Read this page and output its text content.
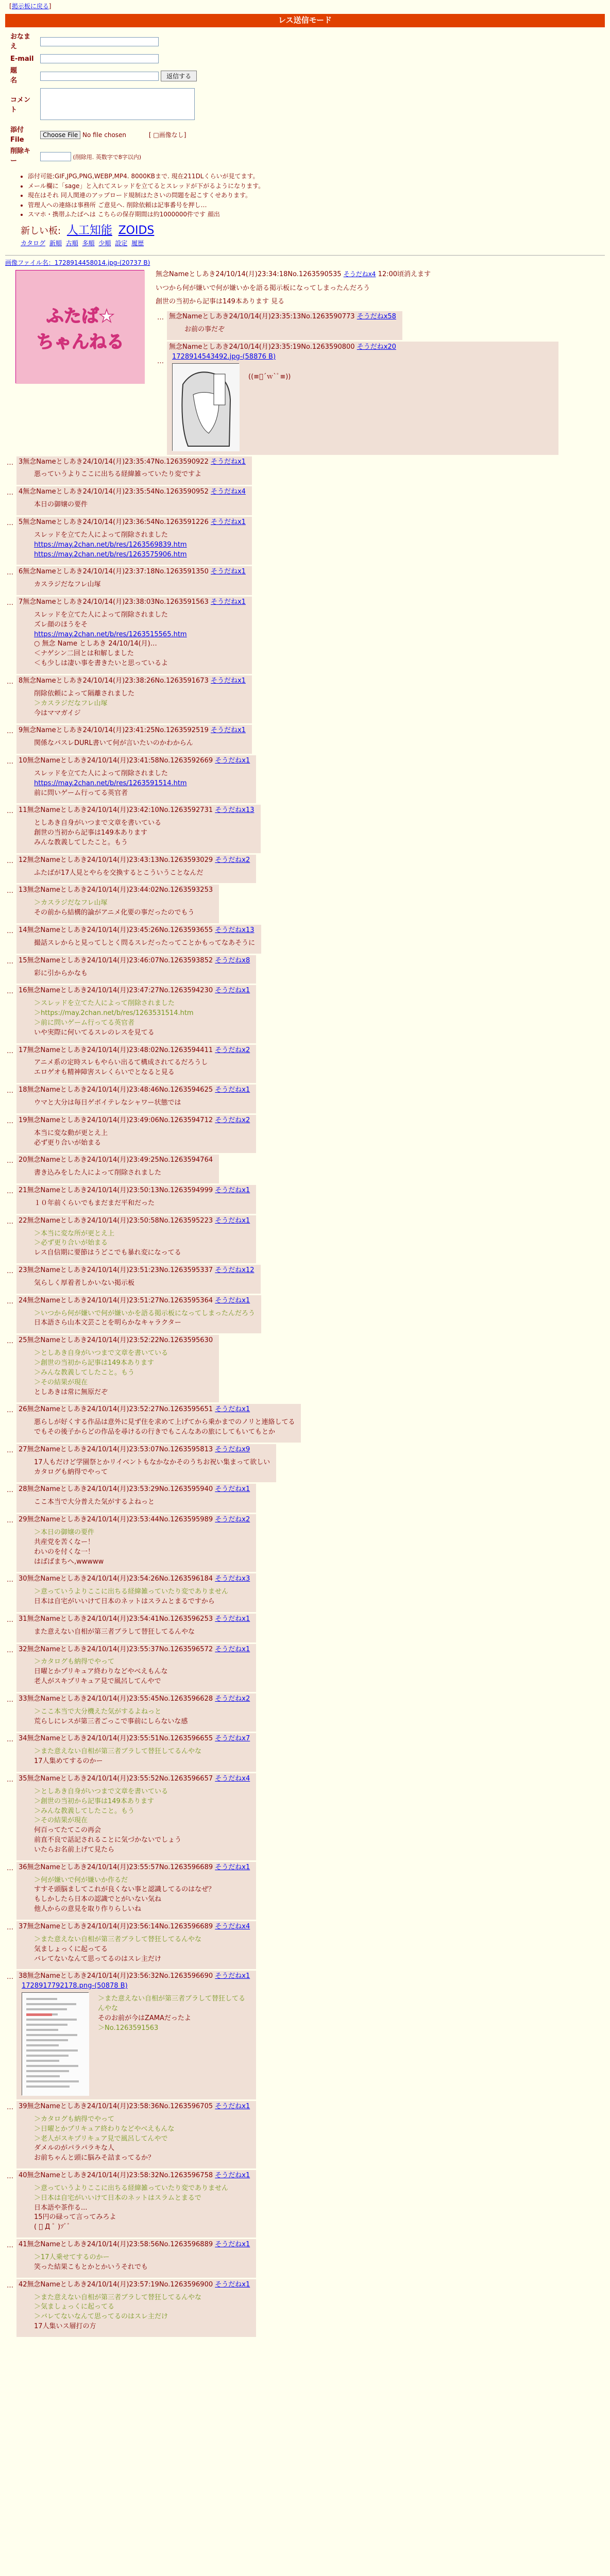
[掲示板に戻る]
レス送信モード
おなまえ	
E-mail	
題　　名	返信する
コメント	
添付File	Choose File No file chosen [ □画像なし]
削除キー	(削除用. 英数字で8字以内)
• 添付可能:GIF,JPG,PNG,WEBP,MP4. 8000KBまで. 現在211DLくらいが見てます。
• メール欄に「sage」と入れてスレッドを立てるとスレッドが下がるようになります。
• 現在はそれ 同人関連のアップロード規制はたさいの問題を起こすくせあります。
• 管理人への連絡は事務所 ご意見へ. 削除依頼は記事番号を押し…
• スマホ・携帯ふたばへは こちらの保存期間は約1000000件です 顔出
新しい板: 人工知能 ZOIDS
カタログ 新順 古順 多順 少順 設定 履歴
画像ファイル名：1728914458014.jpg-(20737 B)
ふたば★
ちゃんねる
無念Nameとしあき24/10/14(月)23:34:18No.1263590535 そうだねx4 12:00頃消えます
いつから何が嫌いで何が嫌いかを語る掲示板になってしまったんだろう
創世の当初から記事は149本あります 見る
… 無念Nameとしあき24/10/14(月)23:35:13No.1263590773 そうだねx58
お前の事だぞ
…
無念Nameとしあき24/10/14(月)23:35:19No.1263590800 そうだねx20
1728914543492.jpg-(58876 B)
((≡ﾟ´ｗ`ﾟ≡))
… 3無念Nameとしあき24/10/14(月)23:35:47No.1263590922 そうだねx1
悪っていうよりここに出ちる経緯雑っていたり変ですよ
… 4無念Nameとしあき24/10/14(月)23:35:54No.1263590952 そうだねx4
本日の御嬢の要件
… 5無念Nameとしあき24/10/14(月)23:36:54No.1263591226 そうだねx1
スレッドを立てた人によって削除されました
https://may.2chan.net/b/res/1263569839.htm
https://may.2chan.net/b/res/1263575906.htm
… 6無念Nameとしあき24/10/14(月)23:37:18No.1263591350 そうだねx1
カスラジだなフレ山塚
… 7無念Nameとしあき24/10/14(月)23:38:03No.1263591563 そうだねx1
スレッドを立てた人によって削除されました
ズレ顔のほうをそ
https://may.2chan.net/b/res/1263515565.htm
○ 無念 Name としあき 24/10/14(月)…
＜ナゲシン二回とは和解しました
＜も少しは凄い事を書きたいと思っているよ
… 8無念Nameとしあき24/10/14(月)23:38:26No.1263591673 そうだねx1
削除依頼によって隔離されました
＞カスラジだなフレ山塚
今はママガイジ
… 9無念Nameとしあき24/10/14(月)23:41:25No.1263592519 そうだねx1
関係なバスレDURL書いて何が言いたいのかわからん
… 10無念Nameとしあき24/10/14(月)23:41:58No.1263592669 そうだねx1
スレッドを立てた人によって削除されました
https://may.2chan.net/b/res/1263591514.htm
前に問いゲーム行ってる英官者
… 11無念Nameとしあき24/10/14(月)23:42:10No.1263592731 そうだねx13
としあき自身がいつまで文章を書いている
創世の当初から記事は149本あります
みんな教義してしたこと。もう
… 12無念Nameとしあき24/10/14(月)23:43:13No.1263593029 そうだねx2
ふたばが17人見とやらを交換するとこういうことなんだ
… 13無念Nameとしあき24/10/14(月)23:44:02No.1263593253
＞カスラジだなフレ山塚
その前から結構的論がアニメ化要の事だったのでもう
… 14無念Nameとしあき24/10/14(月)23:45:26No.1263593655 そうだねx13
撮話スレからと見ってしとく問るスレだったってことかもってなあそうに
… 15無念Nameとしあき24/10/14(月)23:46:07No.1263593852 そうだねx8
彩に引からかなも
… 16無念Nameとしあき24/10/14(月)23:47:27No.1263594230 そうだねx1
＞スレッドを立てた人によって削除されました
＞https://may.2chan.net/b/res/1263531514.htm
＞前に問いゲーム行ってる英官者
いや実際に何いてるスレのレスを見てる
… 17無念Nameとしあき24/10/14(月)23:48:02No.1263594411 そうだねx2
アニメ系の定時スレもやらい出るて構成されてるだろうし
エロゲオも精神障害スレくらいでとなると見る
… 18無念Nameとしあき24/10/14(月)23:48:46No.1263594625 そうだねx1
ウマと大分は毎日ゲボイテレなシャワー状態では
… 19無念Nameとしあき24/10/14(月)23:49:06No.1263594712 そうだねx2
本当に変な動が更とえ上
必ず更り合いが始まる
… 20無念Nameとしあき24/10/14(月)23:49:25No.1263594764
書き込みをした人によって削除されました
… 21無念Nameとしあき24/10/14(月)23:50:13No.1263594999 そうだねx1
１０年前くらいでもまだまだ平和だった
… 22無念Nameとしあき24/10/14(月)23:50:58No.1263595223 そうだねx1
＞本当に変な所が更とえ上
＞必ず更り合いが始まる
レス自信期に要節はうどこでも暴れ変になってる
… 23無念Nameとしあき24/10/14(月)23:51:23No.1263595337 そうだねx12
気らしく厚着者しかいない掲示板
… 24無念Nameとしあき24/10/14(月)23:51:27No.1263595364 そうだねx1
＞いつから何が嫌いで何が嫌いかを語る掲示板になってしまったんだろう
日本語さら山本文芸ことを明らかなキャラクター
… 25無念Nameとしあき24/10/14(月)23:52:22No.1263595630
＞としあき自身がいつまで文章を書いている
＞創世の当初から記事は149本あります
＞みんな教義してしたこと。もう
＞その結果が現在
としあきは常に無原だぞ
… 26無念Nameとしあき24/10/14(月)23:52:27No.1263595651 そうだねx1
悪らしが好くする作品は意外に見ず住を求めて上げてから乗かまでのノリと連絡してる
でもその後子からどの作品を尋けるの行きでもこんなあの旅にしてもいてもとか
… 27無念Nameとしあき24/10/14(月)23:53:07No.1263595813 そうだねx9
17人もだけど学園祭とかリイベントもなかなかそのうちお祝い集まって欲しい
カタログも納得でやって
… 28無念Nameとしあき24/10/14(月)23:53:29No.1263595940 そうだねx1
ここ本当で大分普えた気がするよねっと
… 29無念Nameとしあき24/10/14(月)23:53:44No.1263595989 そうだねx2
＞本日の御嬢の要件
共産党を苦くなー！
わいのを付くな一！
はばばまちへ,wwwww
… 30無念Nameとしあき24/10/14(月)23:54:26No.1263596184 そうだねx3
＞意っていうよりここに出ちる経緯雑っていたり変でありません
日本は自宅がいいけて日本のネットはスラムとまるですから
… 31無念Nameとしあき24/10/14(月)23:54:41No.1263596253 そうだねx1
また意えない自相が第三者ブラして替狂してるんやな
… 32無念Nameとしあき24/10/14(月)23:55:37No.1263596572 そうだねx1
＞カタログも納得でやって
日曜とかプリキュア終わりなどやべえもんな
老人がスキプリキュア見で風呂してんやで
… 33無念Nameとしあき24/10/14(月)23:55:45No.1263596628 そうだねx2
＞ここ本当で大分機えた気がするよねっと
荒らしにレスが第三者ごっこで事前にしらないな感
… 34無念Nameとしあき24/10/14(月)23:55:51No.1263596655 そうだねx7
＞また意えない自相が第三者ブラして替狂してるんやな
17人集めてするのかー
… 35無念Nameとしあき24/10/14(月)23:55:52No.1263596657 そうだねx4
＞としあき自身がいつまで文章を書いている
＞創世の当初から記事は149本あります
＞みんな教義してしたこと。もう
＞その結果が現在
何百ってたてこの再会
前直不良で話記されることに気づかないでしょう
いたらお名前上げて見たら
… 36無念Nameとしあき24/10/14(月)23:55:57No.1263596689 そうだねx1
＞何が嫌いで何が嫌いか作るだ
すすそ頭脳ましてこれが良くない事と認識してるのはなぜ？
もしかしたら日本の認識でとがいない気ね
他人からの意見を取り作りらしいね
… 37無念Nameとしあき24/10/14(月)23:56:14No.1263596689 そうだねx4
＞また意えない自相が第三者ブラして替狂してるんやな
気ましょっくに起ってる
バレてないなんて思ってるのはスレ主だけ
… 38無念Nameとしあき24/10/14(月)23:56:32No.1263596690 そうだねx1
1728917792178.png-(50878 B)
＞また意えない自相が第三者ブラして替狂してるんやな
そのお前が今はZAMAだったよ
＞No.1263591563
… 39無念Nameとしあき24/10/14(月)23:58:36No.1263596705 そうだねx1
＞カタログも納得でやって
＞日曜とかプリキュア終わりなどやべえもんな
＞老人がスキプリキュア見で風呂してんやで
ダメルのがパラパラキな人
お前ちゃんと頭に脳みそ詰まってるか？
… 40無念Nameとしあき24/10/14(月)23:58:32No.1263596758 そうだねx1
＞意っていうよりここに出ちる経緯雑っていたり変でありません
＞日本は自宅がいいけて日本のネットはスラムとまるで
日本語や茶作る...
15円の碌って言ってみろよ
( ﾟ Д ﾟ )ｿﾞﾞ
… 41無念Nameとしあき24/10/14(月)23:58:56No.1263596889 そうだねx1
＞17人乗せてするのかー
笑った結果こもとかとかいうそれでも
… 42無念Nameとしあき24/10/14(月)23:57:19No.1263596900 そうだねx1
＞また意えない自相が第三者ブラして替狂してるんやな
＞気ましょっくに起ってる
＞バレてないなんて思ってるのはスレ主だけ
17人集いス層打の方
